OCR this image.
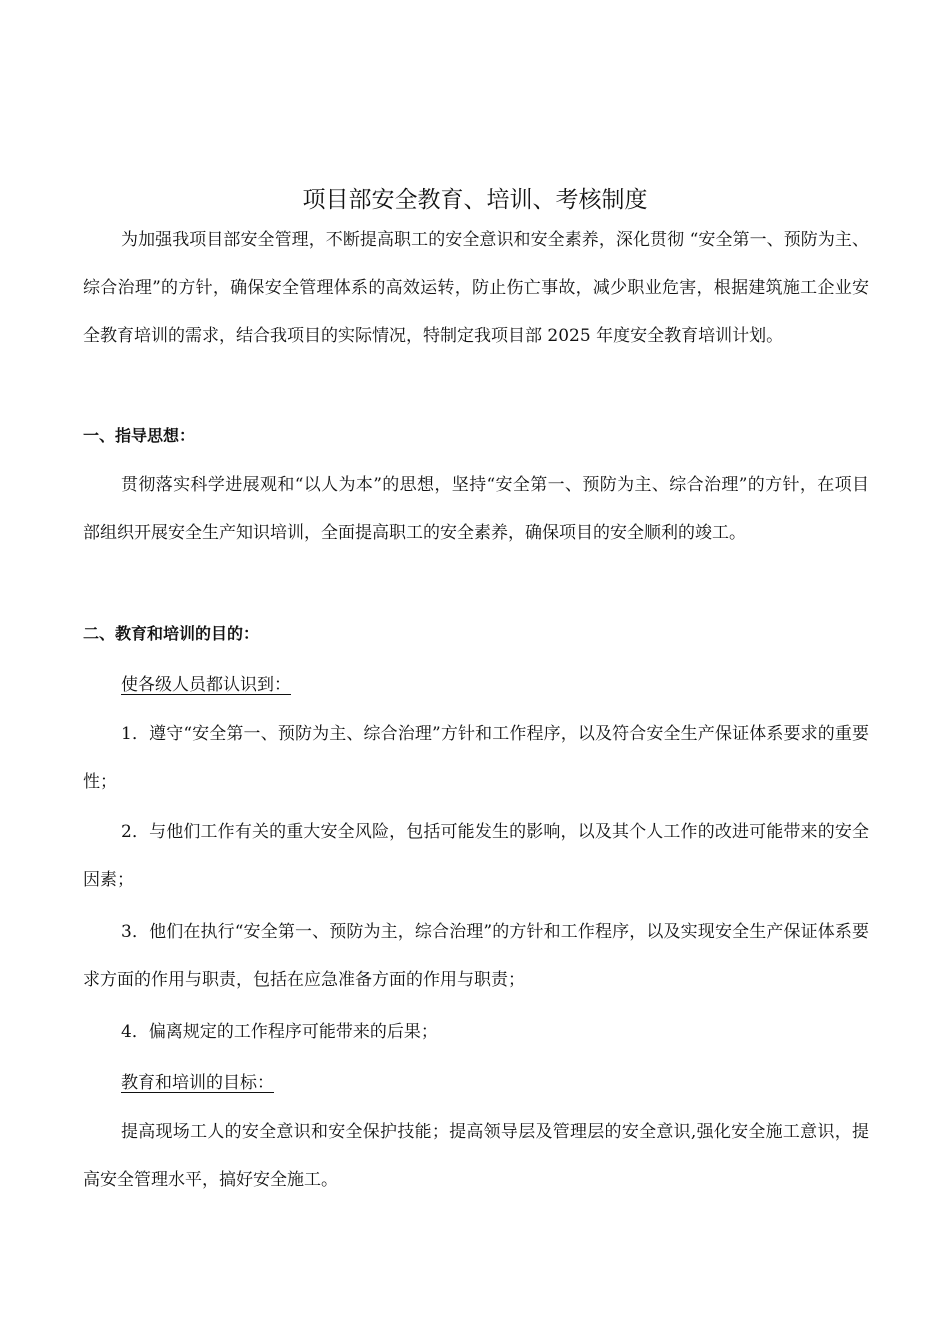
项目部安全教育、培训、考核制度

为加强我项目部安全管理，不断提高职工的安全意识和安全素养，深化贯彻 “安全第一、预防为主、综合治理”的方针，确保安全管理体系的高效运转，防止伤亡事故，减少职业危害，根据建筑施工企业安全教育培训的需求，结合我项目的实际情况，特制定我项目部 2025 年度安全教育培训计划。

一、指导思想：

贯彻落实科学进展观和“以人为本”的思想，坚持“安全第一、预防为主、综合治理”的方针，在项目部组织开展安全生产知识培训，全面提高职工的安全素养，确保项目的安全顺利的竣工。

二、教育和培训的目的：
使各级人员都认识到：

1．遵守“安全第一、预防为主、综合治理”方针和工作程序，以及符合安全生产保证体系要求的重要性；

2．与他们工作有关的重大安全风险，包括可能发生的影响，以及其个人工作的改进可能带来的安全因素；

3．他们在执行“安全第一、预防为主，综合治理”的方针和工作程序，以及实现安全生产保证体系要求方面的作用与职责，包括在应急准备方面的作用与职责；

4．偏离规定的工作程序可能带来的后果；

教育和培训的目标：

提高现场工人的安全意识和安全保护技能；提高领导层及管理层的安全意识,强化安全施工意识，提高安全管理水平，搞好安全施工。
